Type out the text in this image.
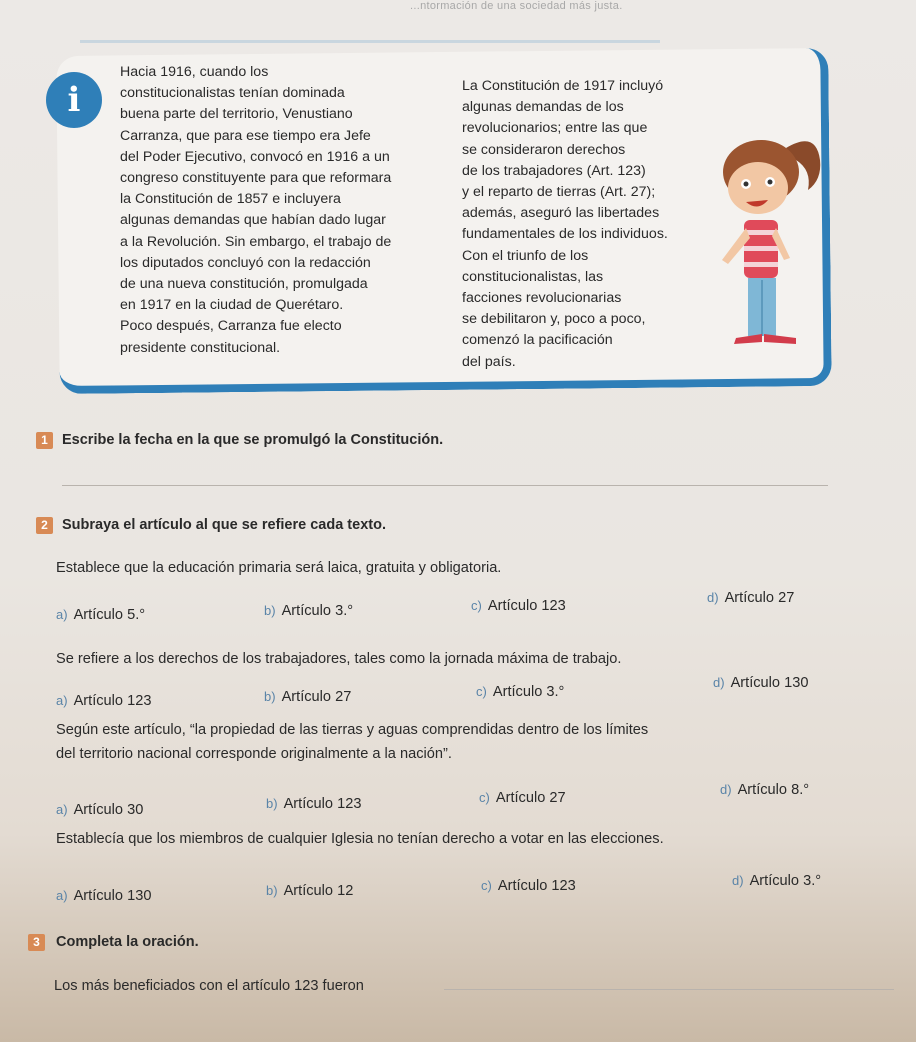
...ntormación de una sociedad más justa.
i
Hacia 1916, cuando los
constitucionalistas tenían dominada
buena parte del territorio, Venustiano
Carranza, que para ese tiempo era Jefe
del Poder Ejecutivo, convocó en 1916 a un
congreso constituyente para que reformara
la Constitución de 1857 e incluyera
algunas demandas que habían dado lugar
a la Revolución. Sin embargo, el trabajo de
los diputados concluyó con la redacción
de una nueva constitución, promulgada
en 1917 en la ciudad de Querétaro.
Poco después, Carranza fue electo
presidente constitucional.
La Constitución de 1917 incluyó
algunas demandas de los
revolucionarios; entre las que
se consideraron derechos
de los trabajadores (Art. 123)
y el reparto de tierras (Art. 27);
además, aseguró las libertades
fundamentales de los individuos.
Con el triunfo de los
constitucionalistas, las
facciones revolucionarias
se debilitaron y, poco a poco,
comenzó la pacificación
del país.
1 Escribe la fecha en la que se promulgó la Constitución.
2 Subraya el artículo al que se refiere cada texto.
Establece que la educación primaria será laica, gratuita y obligatoria.
a) Artículo 5.°	b) Artículo 3.°	c) Artículo 123
d) Artículo 27
Se refiere a los derechos de los trabajadores, tales como la jornada máxima de trabajo.
a) Artículo 123	b) Artículo 27	c) Artículo 3.°
d) Artículo 130
Según este artículo, “la propiedad de las tierras y aguas comprendidas dentro de los límites
del territorio nacional corresponde originalmente a la nación”.
a) Artículo 30	b) Artículo 123	c) Artículo 27
d) Artículo 8.°
Establecía que los miembros de cualquier Iglesia no tenían derecho a votar en las elecciones.
a) Artículo 130	b) Artículo 12	c) Artículo 123	d) Artículo 3.°
3	Completa la oración.
Los más beneficiados con el artículo 123 fueron
